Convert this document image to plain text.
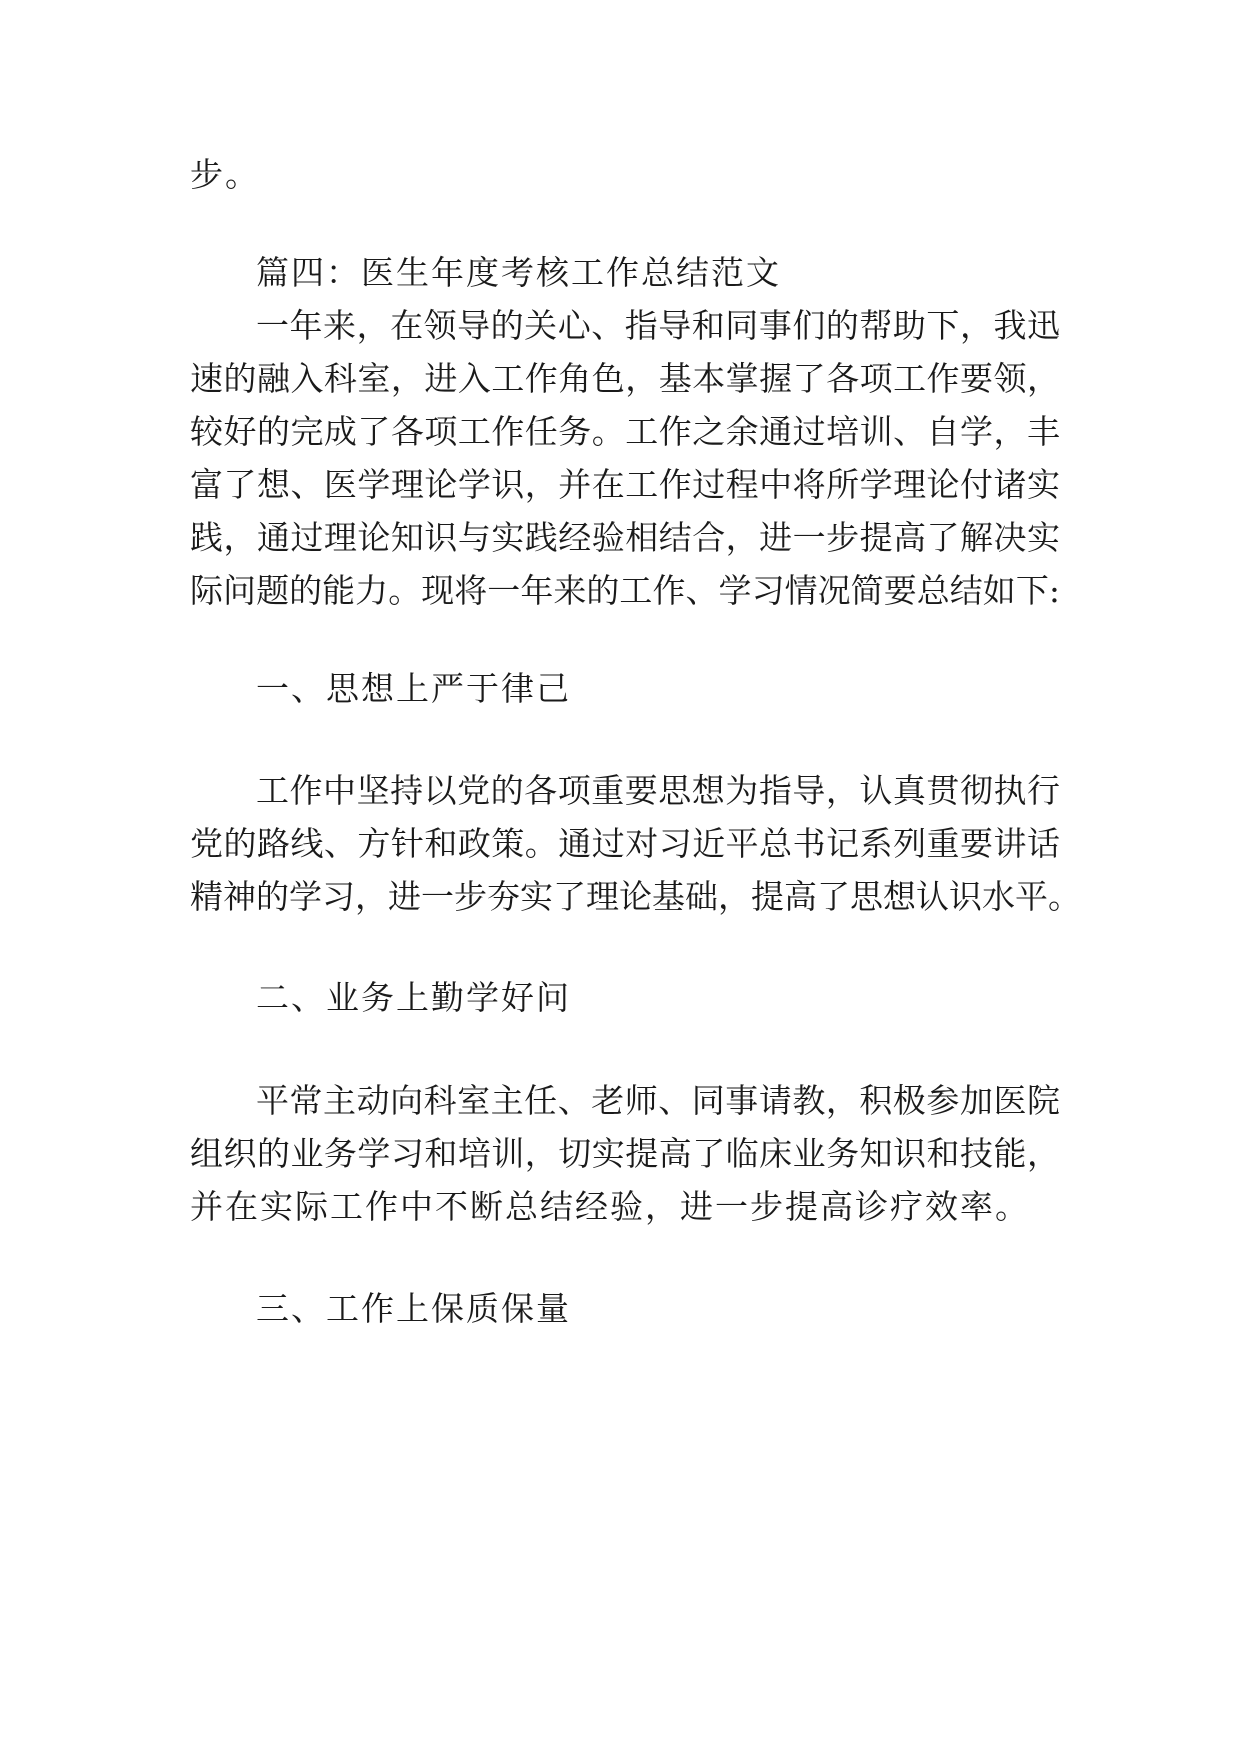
步。
篇四：医生年度考核工作总结范文
一年来，在领导的关心、指导和同事们的帮助下，我迅
速的融入科室，进入工作角色，基本掌握了各项工作要领，
较好的完成了各项工作任务。工作之余通过培训、自学，丰
富了想、医学理论学识，并在工作过程中将所学理论付诸实
践，通过理论知识与实践经验相结合，进一步提高了解决实
际问题的能力。现将一年来的工作、学习情况简要总结如下:
一、思想上严于律己
工作中坚持以党的各项重要思想为指导，认真贯彻执行
党的路线、方针和政策。通过对习近平总书记系列重要讲话
精神的学习，进一步夯实了理论基础，提高了思想认识水平。
二、业务上勤学好问
平常主动向科室主任、老师、同事请教，积极参加医院
组织的业务学习和培训，切实提高了临床业务知识和技能，
并在实际工作中不断总结经验，进一步提高诊疗效率。
三、工作上保质保量
